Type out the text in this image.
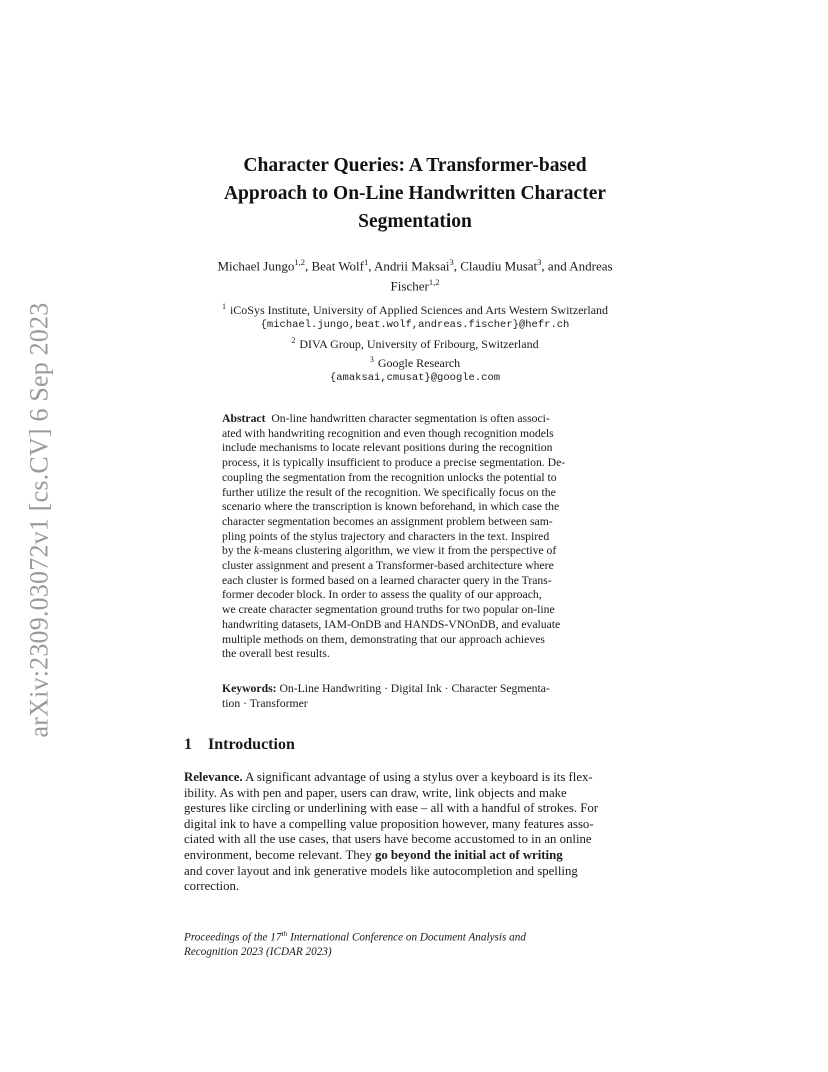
arXiv:2309.03072v1 [cs.CV] 6 Sep 2023
Character Queries: A Transformer-based
Approach to On-Line Handwritten Character
Segmentation
Michael Jungo$^{1,2}$, Beat Wolf$^1$, Andrii Maksai$^3$, Claudiu Musat$^3$, and Andreas
Fischer$^{1,2}$
$^1$ iCoSys Institute, University of Applied Sciences and Arts Western Switzerland
{michael.jungo,beat.wolf,andreas.fischer}@hefr.ch
$^2$ DIVA Group, University of Fribourg, Switzerland
$^3$ Google Research
{amaksai,cmusat}@google.com
Abstract On-line handwritten character segmentation is often associ-
ated with handwriting recognition and even though recognition models
include mechanisms to locate relevant positions during the recognition
process, it is typically insufficient to produce a precise segmentation. De-
coupling the segmentation from the recognition unlocks the potential to
further utilize the result of the recognition. We specifically focus on the
scenario where the transcription is known beforehand, in which case the
character segmentation becomes an assignment problem between sam-
pling points of the stylus trajectory and characters in the text. Inspired
by the k-means clustering algorithm, we view it from the perspective of
cluster assignment and present a Transformer-based architecture where
each cluster is formed based on a learned character query in the Trans-
former decoder block. In order to assess the quality of our approach,
we create character segmentation ground truths for two popular on-line
handwriting datasets, IAM-OnDB and HANDS-VNOnDB, and evaluate
multiple methods on them, demonstrating that our approach achieves
the overall best results.
Keywords: On-Line Handwriting · Digital Ink · Character Segmenta-
tion · Transformer
1 Introduction
Relevance. A significant advantage of using a stylus over a keyboard is its flex-
ibility. As with pen and paper, users can draw, write, link objects and make
gestures like circling or underlining with ease – all with a handful of strokes. For
digital ink to have a compelling value proposition however, many features asso-
ciated with all the use cases, that users have become accustomed to in an online
environment, become relevant. They go beyond the initial act of writing
and cover layout and ink generative models like autocompletion and spelling
correction.
Proceedings of the 17th International Conference on Document Analysis and
Recognition 2023 (ICDAR 2023)
